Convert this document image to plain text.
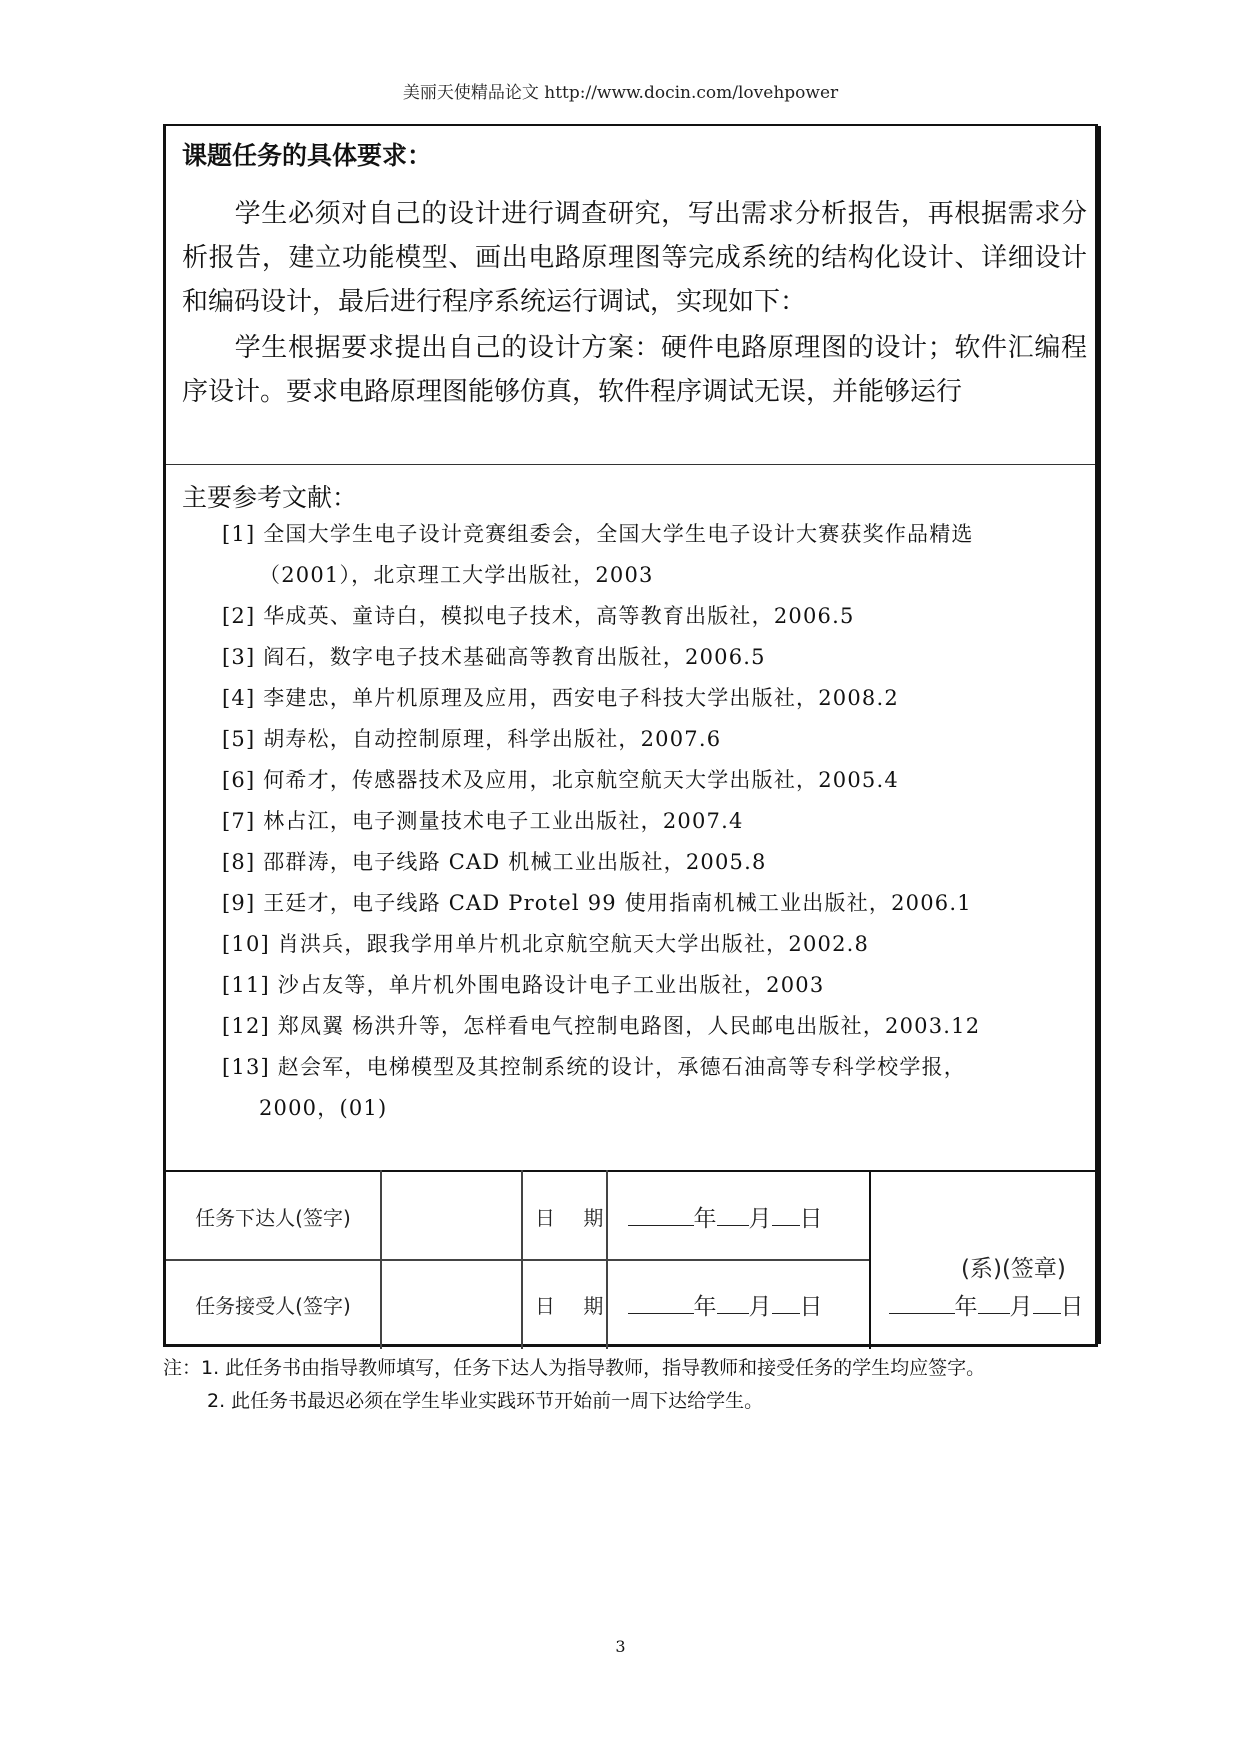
美丽天使精品论文 http://www.docin.com/lovehpower
课题任务的具体要求：
学生必须对自己的设计进行调查研究，写出需求分析报告，再根据需求分析报告，建立功能模型、画出电路原理图等完成系统的结构化设计、详细设计和编码设计，最后进行程序系统运行调试，实现如下：
学生根据要求提出自己的设计方案：硬件电路原理图的设计；软件汇编程序设计。要求电路原理图能够仿真，软件程序调试无误，并能够运行
主要参考文献：
[1] 全国大学生电子设计竞赛组委会，全国大学生电子设计大赛获奖作品精选
（2001），北京理工大学出版社，2003
[2] 华成英、童诗白，模拟电子技术，高等教育出版社，2006.5
[3] 阎石，数字电子技术基础高等教育出版社，2006.5
[4] 李建忠，单片机原理及应用，西安电子科技大学出版社，2008.2
[5] 胡寿松，自动控制原理，科学出版社，2007.6
[6] 何希才，传感器技术及应用，北京航空航天大学出版社，2005.4
[7] 林占江，电子测量技术电子工业出版社，2007.4
[8] 邵群涛，电子线路 CAD 机械工业出版社，2005.8
[9] 王廷才，电子线路 CAD Protel 99 使用指南机械工业出版社，2006.1
[10] 肖洪兵，跟我学用单片机北京航空航天大学出版社，2002.8
[11] 沙占友等，单片机外围电路设计电子工业出版社，2003
[12] 郑凤翼 杨洪升等，怎样看电气控制电路图，人民邮电出版社，2003.12
[13] 赵会军，电梯模型及其控制系统的设计，承德石油高等专科学校学报，
2000，(01)
任务下达人(签字)	日 期	年 月 日
任务接受人(签字)	日 期	年 月 日
(系)(签章)
年 月 日
注：1. 此任务书由指导教师填写，任务下达人为指导教师，指导教师和接受任务的学生均应签字。
2. 此任务书最迟必须在学生毕业实践环节开始前一周下达给学生。
3
